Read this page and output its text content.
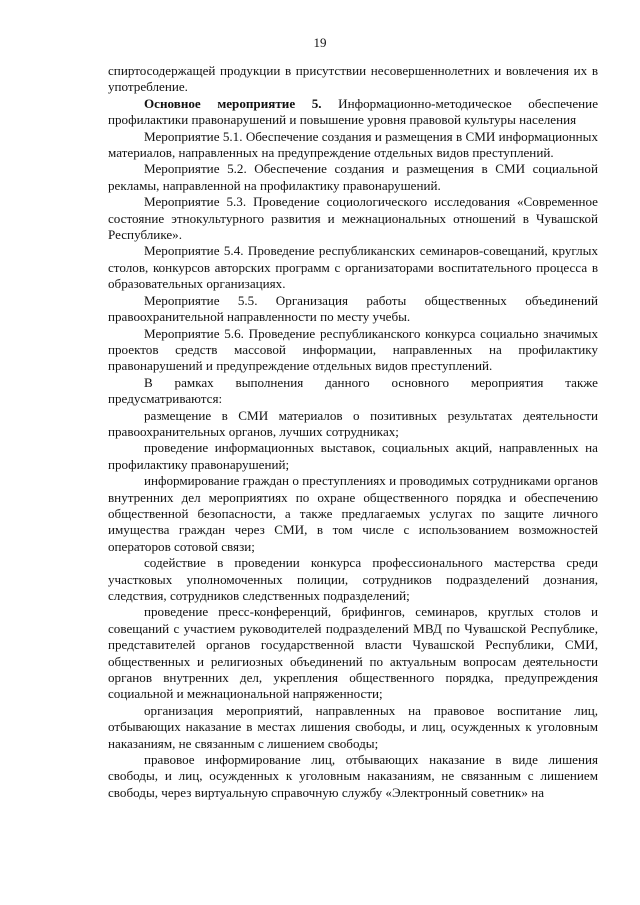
19

спиртосодержащей продукции в присутствии несовершеннолетних и вовлечения их в употребление.

Основное мероприятие 5. Информационно-методическое обеспечение профилактики правонарушений и повышение уровня правовой культуры населения

Мероприятие 5.1. Обеспечение создания и размещения в СМИ информационных материалов, направленных на предупреждение отдельных видов преступлений.

Мероприятие 5.2. Обеспечение создания и размещения в СМИ социальной рекламы, направленной на профилактику правонарушений.

Мероприятие 5.3. Проведение социологического исследования «Современное состояние этнокультурного развития и межнациональных отношений в Чувашской Республике».

Мероприятие 5.4. Проведение республиканских семинаров-совещаний, круглых столов, конкурсов авторских программ с организаторами воспитательного процесса в образовательных организациях.

Мероприятие 5.5. Организация работы общественных объединений правоохранительной направленности по месту учебы.

Мероприятие 5.6. Проведение республиканского конкурса социально значимых проектов средств массовой информации, направленных на профилактику правонарушений и предупреждение отдельных видов преступлений.

В рамках выполнения данного основного мероприятия также предусматриваются:

размещение в СМИ материалов о позитивных результатах деятельности правоохранительных органов, лучших сотрудниках;

проведение информационных выставок, социальных акций, направленных на профилактику правонарушений;

информирование граждан о преступлениях и проводимых сотрудниками органов внутренних дел мероприятиях по охране общественного порядка и обеспечению общественной безопасности, а также предлагаемых услугах по защите личного имущества граждан через СМИ, в том числе с использованием возможностей операторов сотовой связи;

содействие в проведении конкурса профессионального мастерства среди участковых уполномоченных полиции, сотрудников подразделений дознания, следствия, сотрудников следственных подразделений;

проведение пресс-конференций, брифингов, семинаров, круглых столов и совещаний с участием руководителей подразделений МВД по Чувашской Республике, представителей органов государственной власти Чувашской Республики, СМИ, общественных и религиозных объединений по актуальным вопросам деятельности органов внутренних дел, укрепления общественного порядка, предупреждения социальной и межнациональной напряженности;

организация мероприятий, направленных на правовое воспитание лиц, отбывающих наказание в местах лишения свободы, и лиц, осужденных к уголовным наказаниям, не связанным с лишением свободы;

правовое информирование лиц, отбывающих наказание в виде лишения свободы, и лиц, осужденных к уголовным наказаниям, не связанным с лишением свободы, через виртуальную справочную службу «Электронный советник» на
